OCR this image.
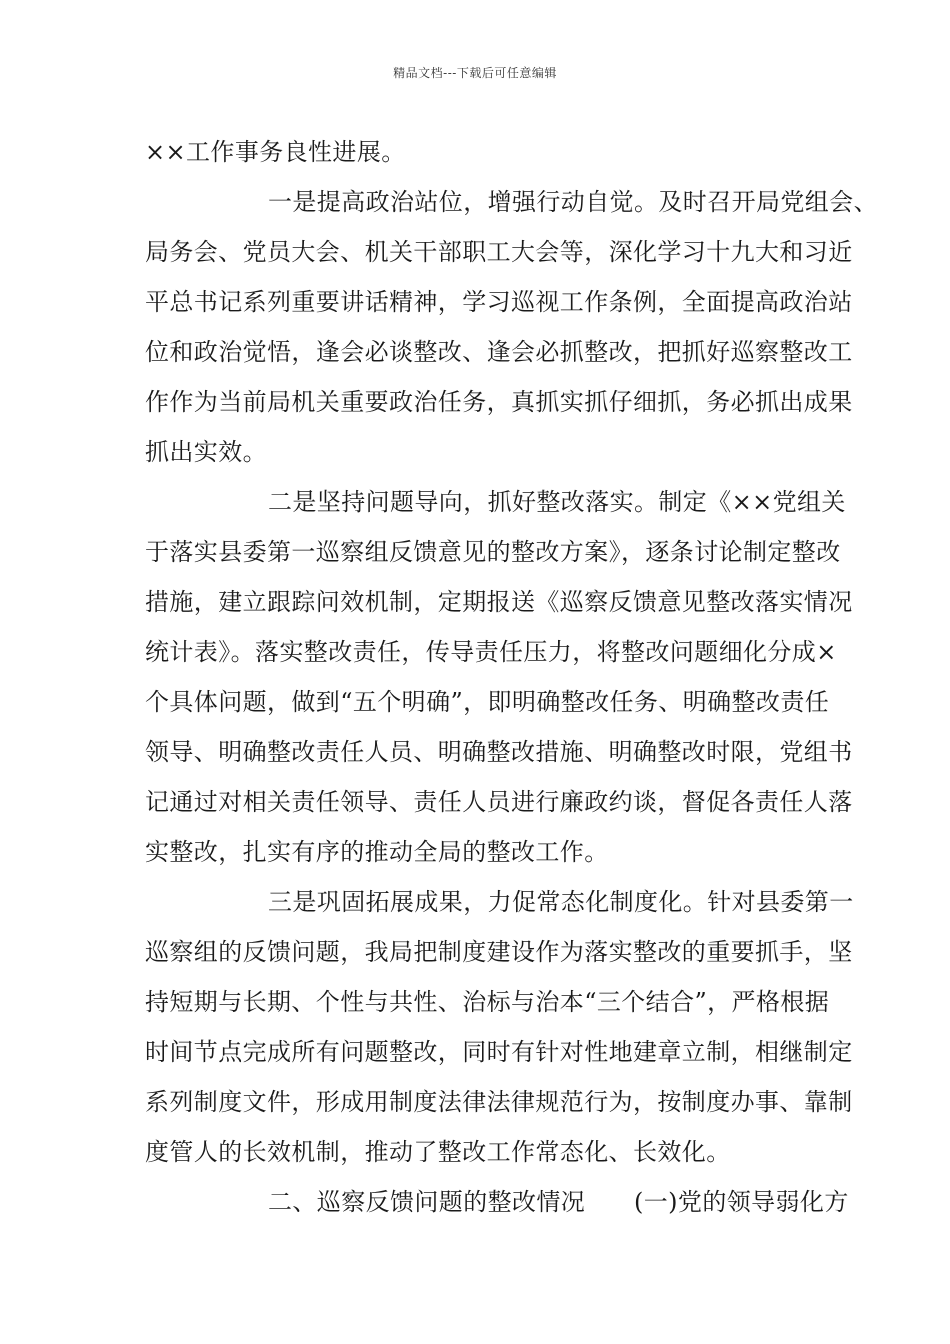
精品文档---下载后可任意编辑
××工作事务良性进展。
一是提高政治站位，增强行动自觉。及时召开局党组会、
局务会、党员大会、机关干部职工大会等，深化学习十九大和习近
平总书记系列重要讲话精神，学习巡视工作条例，全面提高政治站
位和政治觉悟，逢会必谈整改、逢会必抓整改，把抓好巡察整改工
作作为当前局机关重要政治任务，真抓实抓仔细抓，务必抓出成果
抓出实效。
二是坚持问题导向，抓好整改落实。制定《××党组关
于落实县委第一巡察组反馈意见的整改方案》，逐条讨论制定整改
措施，建立跟踪问效机制，定期报送《巡察反馈意见整改落实情况
统计表》。落实整改责任，传导责任压力，将整改问题细化分成×
个具体问题，做到“五个明确”，即明确整改任务、明确整改责任
领导、明确整改责任人员、明确整改措施、明确整改时限，党组书
记通过对相关责任领导、责任人员进行廉政约谈，督促各责任人落
实整改，扎实有序的推动全局的整改工作。
三是巩固拓展成果，力促常态化制度化。针对县委第一
巡察组的反馈问题，我局把制度建设作为落实整改的重要抓手，坚
持短期与长期、个性与共性、治标与治本“三个结合”，严格根据
时间节点完成所有问题整改，同时有针对性地建章立制，相继制定
系列制度文件，形成用制度法律法律规范行为，按制度办事、靠制
度管人的长效机制，推动了整改工作常态化、长效化。
二、巡察反馈问题的整改情况　　(一)党的领导弱化方
